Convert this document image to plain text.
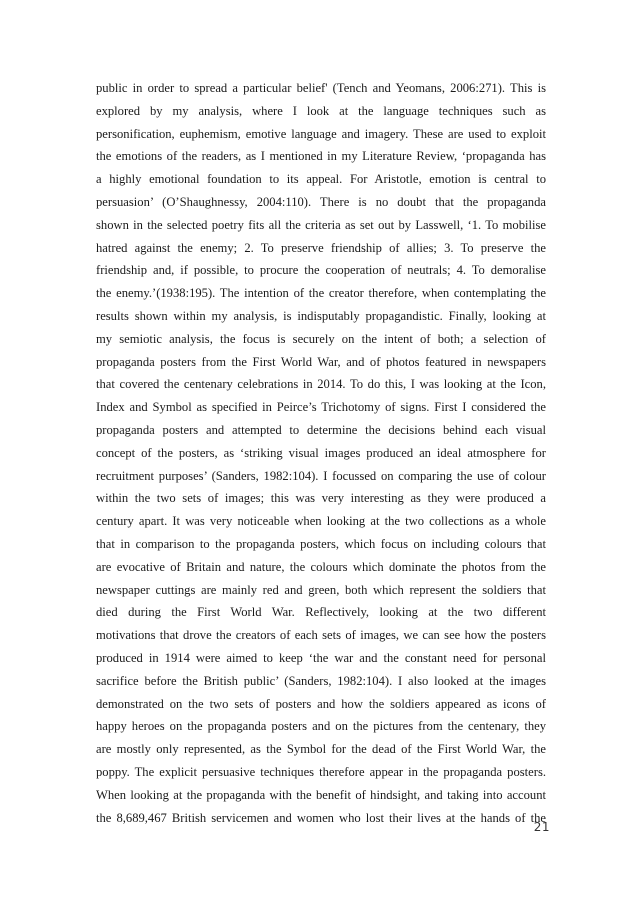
public in order to spread a particular belief' (Tench and Yeomans, 2006:271). This is
explored by my analysis, where I look at the language techniques such as
personification, euphemism, emotive language and imagery. These are used to exploit
the emotions of the readers, as I mentioned in my Literature Review, ‘propaganda has
a highly emotional foundation to its appeal. For Aristotle, emotion is central to
persuasion’ (O’Shaughnessy, 2004:110). There is no doubt that the propaganda
shown in the selected poetry fits all the criteria as set out by Lasswell, ‘1. To mobilise
hatred against the enemy; 2. To preserve friendship of allies; 3. To preserve the
friendship and, if possible, to procure the cooperation of neutrals; 4. To demoralise
the enemy.’(1938:195). The intention of the creator therefore, when contemplating the
results shown within my analysis, is indisputably propagandistic. Finally, looking at
my semiotic analysis, the focus is securely on the intent of both; a selection of
propaganda posters from the First World War, and of photos featured in newspapers
that covered the centenary celebrations in 2014. To do this, I was looking at the Icon,
Index and Symbol as specified in Peirce’s Trichotomy of signs. First I considered the
propaganda posters and attempted to determine the decisions behind each visual
concept of the posters, as ‘striking visual images produced an ideal atmosphere for
recruitment purposes’ (Sanders, 1982:104). I focussed on comparing the use of colour
within the two sets of images; this was very interesting as they were produced a
century apart. It was very noticeable when looking at the two collections as a whole
that in comparison to the propaganda posters, which focus on including colours that
are evocative of Britain and nature, the colours which dominate the photos from the
newspaper cuttings are mainly red and green, both which represent the soldiers that
died during the First World War. Reflectively, looking at the two different
motivations that drove the creators of each sets of images, we can see how the posters
produced in 1914 were aimed to keep ‘the war and the constant need for personal
sacrifice before the British public’ (Sanders, 1982:104). I also looked at the images
demonstrated on the two sets of posters and how the soldiers appeared as icons of
happy heroes on the propaganda posters and on the pictures from the centenary, they
are mostly only represented, as the Symbol for the dead of the First World War, the
poppy. The explicit persuasive techniques therefore appear in the propaganda posters.
When looking at the propaganda with the benefit of hindsight, and taking into account
the 8,689,467 British servicemen and women who lost their lives at the hands of the
21
